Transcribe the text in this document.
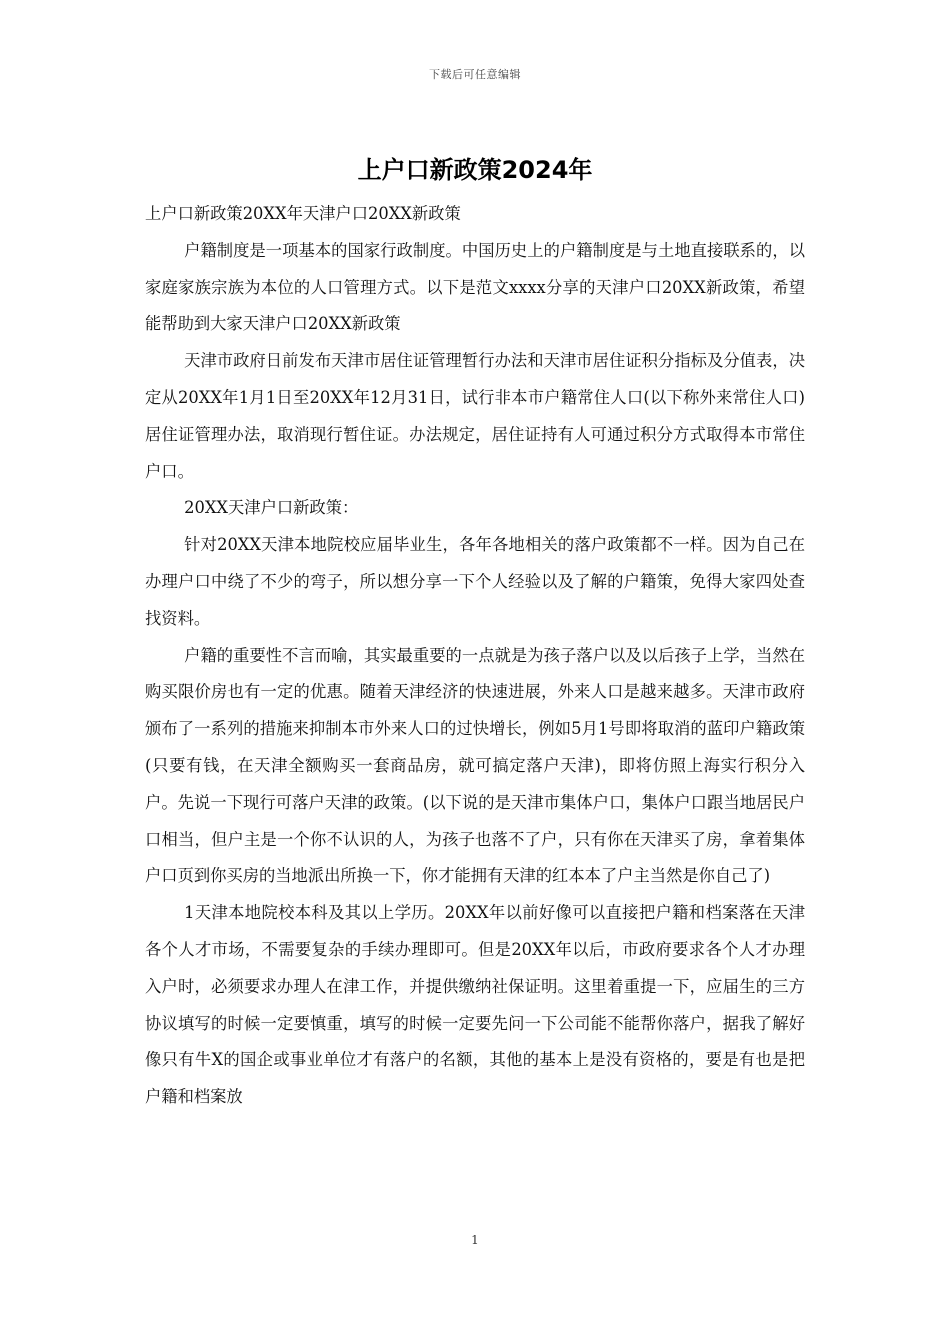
下载后可任意编辑
上户口新政策2024年

上户口新政策20XX年天津户口20XX新政策

户籍制度是一项基本的国家行政制度。中国历史上的户籍制度是与土地直接联系的，以家庭家族宗族为本位的人口管理方式。以下是范文xxxx分享的天津户口20XX新政策，希望能帮助到大家天津户口20XX新政策

天津市政府日前发布天津市居住证管理暂行办法和天津市居住证积分指标及分值表，决定从20XX年1月1日至20XX年12月31日，试行非本市户籍常住人口(以下称外来常住人口)居住证管理办法，取消现行暂住证。办法规定，居住证持有人可通过积分方式取得本市常住户口。

20XX天津户口新政策：

针对20XX天津本地院校应届毕业生，各年各地相关的落户政策都不一样。因为自己在办理户口中绕了不少的弯子，所以想分享一下个人经验以及了解的户籍策，免得大家四处查找资料。

户籍的重要性不言而喻，其实最重要的一点就是为孩子落户以及以后孩子上学，当然在购买限价房也有一定的优惠。随着天津经济的快速进展，外来人口是越来越多。天津市政府颁布了一系列的措施来抑制本市外来人口的过快增长，例如5月1号即将取消的蓝印户籍政策(只要有钱，在天津全额购买一套商品房，就可搞定落户天津)，即将仿照上海实行积分入户。先说一下现行可落户天津的政策。(以下说的是天津市集体户口，集体户口跟当地居民户口相当，但户主是一个你不认识的人，为孩子也落不了户，只有你在天津买了房，拿着集体户口页到你买房的当地派出所换一下，你才能拥有天津的红本本了户主当然是你自己了)

1天津本地院校本科及其以上学历。20XX年以前好像可以直接把户籍和档案落在天津各个人才市场，不需要复杂的手续办理即可。但是20XX年以后，市政府要求各个人才办理入户时，必须要求办理人在津工作，并提供缴纳社保证明。这里着重提一下，应届生的三方协议填写的时候一定要慎重，填写的时候一定要先问一下公司能不能帮你落户，据我了解好像只有牛X的国企或事业单位才有落户的名额，其他的基本上是没有资格的，要是有也是把户籍和档案放

1
